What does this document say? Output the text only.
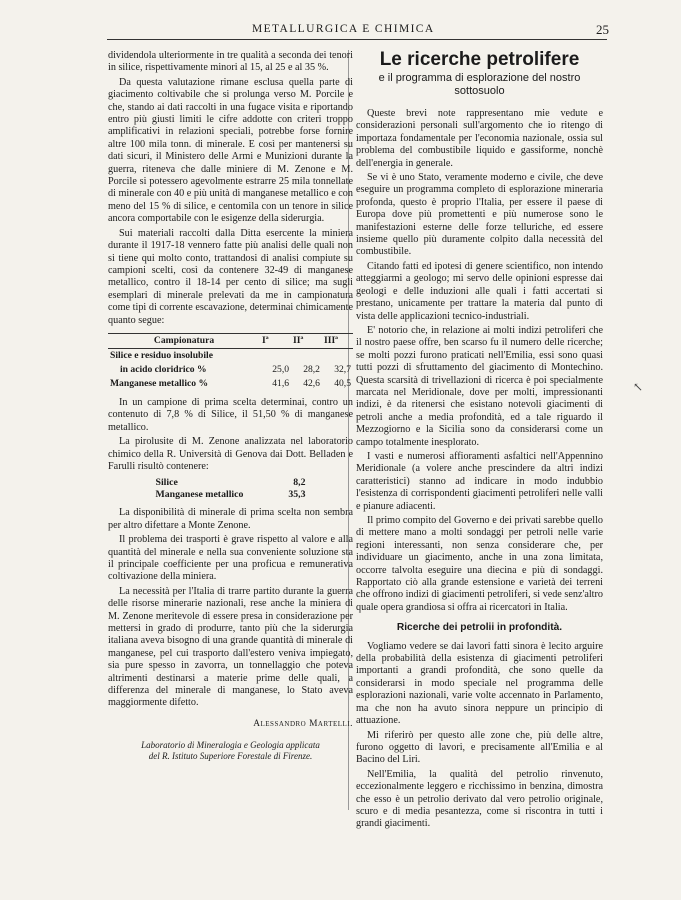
METALLURGICA E CHIMICA	25

dividendola ulteriormente in tre qualità a seconda dei tenori in silice, rispettivamente minori al 15, al 25 e al 35 %.

Da questa valutazione rimane esclusa quella parte di giacimento coltivabile che si prolunga verso M. Porcile e che, stando ai dati raccolti in una fugace visita e riportando entro più giusti limiti le cifre addotte con criteri troppo amplificativi in relazioni speciali, potrebbe forse fornire altre 100 mila tonn. di minerale. E così per mantenersi su dati sicuri, il Ministero delle Armi e Munizioni durante la guerra, riteneva che dalle miniere di M. Zenone e M. Porcile si potessero agevolmente estrarre 25 mila tonnellate di minerale con 40 e più unità di manganese metallico e con meno del 15 % di silice, e centomila con un tenore in silice ancora comportabile con le esigenze della siderurgia.

Sui materiali raccolti dalla Ditta esercente la miniera durante il 1917-18 vennero fatte più analisi delle quali non si tiene qui molto conto, trattandosi di analisi compiute su campioni scelti, così da contenere 32-49 di manganese metallico, contro il 18-14 per cento di silice; ma sugli esemplari di minerale prelevati da me in campionatura come tipi di corrente escavazione, determinai chimicamente quanto segue:

Campionatura	Iª	IIª	IIIª
Silice e residuo insolubile			
in acido cloridrico %	25,0	28,2	32,7
Manganese metallico %	41,6	42,6	40,5

In un campione di prima scelta determinai, contro un contenuto di 7,8 % di Silice, il 51,50 % di manganese metallico.

La pirolusite di M. Zenone analizzata nel laboratorio chimico della R. Università di Genova dai Dott. Belladen e Farulli risultò contenere:

Silice	8,2
Manganese metallico	35,3

La disponibilità di minerale di prima scelta non sembra per altro difettare a Monte Zenone.

Il problema dei trasporti è grave rispetto al valore e alla quantità del minerale e nella sua conveniente soluzione sta il principale coefficiente per una proficua e remunerativa coltivazione della miniera.

La necessità per l'Italia di trarre partito durante la guerra delle risorse minerarie nazionali, rese anche la miniera di M. Zenone meritevole di essere presa in considerazione per mettersi in grado di produrre, tanto più che la siderurgia italiana aveva bisogno di una grande quantità di minerale di manganese, pel cui trasporto dall'estero veniva impiegato, sia pure spesso in zavorra, un tonnellaggio che poteva altrimenti destinarsi a materie prime delle quali, a differenza del minerale di manganese, lo Stato aveva maggiormente difetto.

Alessandro Martelli.
Laboratorio di Mineralogia e Geologia applicata
del R. Istituto Superiore Forestale di Firenze.
Le ricerche petrolifere
e il programma di esplorazione del nostro sottosuolo

Queste brevi note rappresentano mie vedute e considerazioni personali sull'argomento che io ritengo di importaza fondamentale per l'economia nazionale, ossia sul problema del combustibile liquido e gassiforme, nonchè dell'energia in generale.

Se vi è uno Stato, veramente moderno e civile, che deve eseguire un programma completo di esplorazione mineraria profonda, questo è proprio l'Italia, per essere il paese di Europa dove più promettenti e più numerose sono le manifestazioni esterne delle forze telluriche, ed essere insieme quello più duramente colpito dalla necessità del combustibile.

Citando fatti ed ipotesi di genere scientifico, non intendo atteggiarmi a geologo; mi servo delle opinioni espresse dai geologi e delle induzioni alle quali i fatti accertati si prestano, unicamente per trattare la materia dal punto di vista delle applicazioni tecnico-industriali.

E' notorio che, in relazione ai molti indizi petroliferi che il nostro paese offre, ben scarso fu il numero delle ricerche; se molti pozzi furono praticati nell'Emilia, essi sono quasi tutti pozzi di sfruttamento del giacimento di Montechino. Questa scarsità di trivellazioni di ricerca è poi specialmente marcata nel Meridionale, dove per molti, impressionanti indizi, è da ritenersi che esistano notevoli giacimenti di petroli anche a media profondità, ed a tale riguardo il Mezzogiorno e la Sicilia sono da considerarsi come un campo totalmente inesplorato.

I vasti e numerosi affioramenti asfaltici nell'Appennino Meridionale (a volere anche prescindere da altri indizi caratteristici) stanno ad indicare in modo indubbio l'esistenza di corrispondenti giacimenti petroliferi nelle valli e pianure adiacenti.

Il primo compito del Governo e dei privati sarebbe quello di mettere mano a molti sondaggi per petroli nelle varie regioni interessanti, non senza considerare che, per individuare un giacimento, anche in una zona limitata, occorre talvolta eseguire una diecina e più di sondaggi. Rapportato ciò alla grande estensione e varietà dei terreni che offrono indizi di giacimenti petroliferi, si vede senz'altro quale opera grandiosa si offra ai ricercatori in Italia.

Ricerche dei petrolii in profondità.

Vogliamo vedere se dai lavori fatti sinora è lecito arguire della probabilità della esistenza di giacimenti petroliferi importanti a grandi profondità, che sono quelle da considerarsi in modo speciale nel programma delle esplorazioni nazionali, varie volte accennato in Parlamento, ma che non ha avuto sinora neppure un principio di attuazione.

Mi riferirò per questo alle zone che, più delle altre, furono oggetto di lavori, e precisamente all'Emilia e al Bacino del Liri.

Nell'Emilia, la qualità del petrolio rinvenuto, eccezionalmente leggero e ricchissimo in benzina, dimostra che esso è un petrolio derivato dal vero petrolio originale, scuro e di media pesantezza, come si riscontra in tutti i grandi giacimenti.

↖
